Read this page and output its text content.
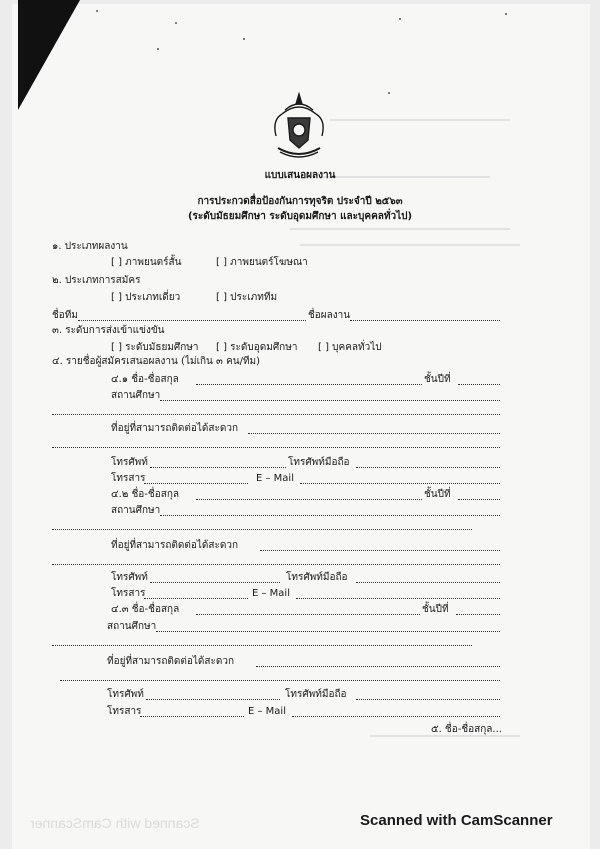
Scanned with CamScanner
แบบเสนอผลงาน
การประกวดสื่อป้องกันการทุจริต ประจำปี ๒๕๖๓
(ระดับมัธยมศึกษา ระดับอุดมศึกษา และบุคคลทั่วไป)
๑. ประเภทผลงาน
[ ] ภาพยนตร์สั้น	[ ] ภาพยนตร์โฆษณา
๒. ประเภทการสมัคร
[ ] ประเภทเดี่ยว	[ ] ประเภททีม
ชื่อทีม	ชื่อผลงาน
๓. ระดับการส่งเข้าแข่งขัน
[ ] ระดับมัธยมศึกษา [ ] ระดับอุดมศึกษา [ ] บุคคลทั่วไป
๔. รายชื่อผู้สมัครเสนอผลงาน (ไม่เกิน ๓ คน/ทีม)
๔.๑ ชื่อ-ชื่อสกุล	ชั้นปีที่
สถานศึกษา
ที่อยู่ที่สามารถติดต่อได้สะดวก
โทรศัพท์	โทรศัพท์มือถือ
โทรสาร	E – Mail
๔.๒ ชื่อ-ชื่อสกุล	ชั้นปีที่
สถานศึกษา
ที่อยู่ที่สามารถติดต่อได้สะดวก
โทรศัพท์	โทรศัพท์มือถือ
โทรสาร	E – Mail
๔.๓ ชื่อ-ชื่อสกุล	ชั้นปีที่
สถานศึกษา
ที่อยู่ที่สามารถติดต่อได้สะดวก
โทรศัพท์	โทรศัพท์มือถือ
โทรสาร	E – Mail
๕. ชื่อ-ชื่อสกุล...
Scanned with CamScanner
